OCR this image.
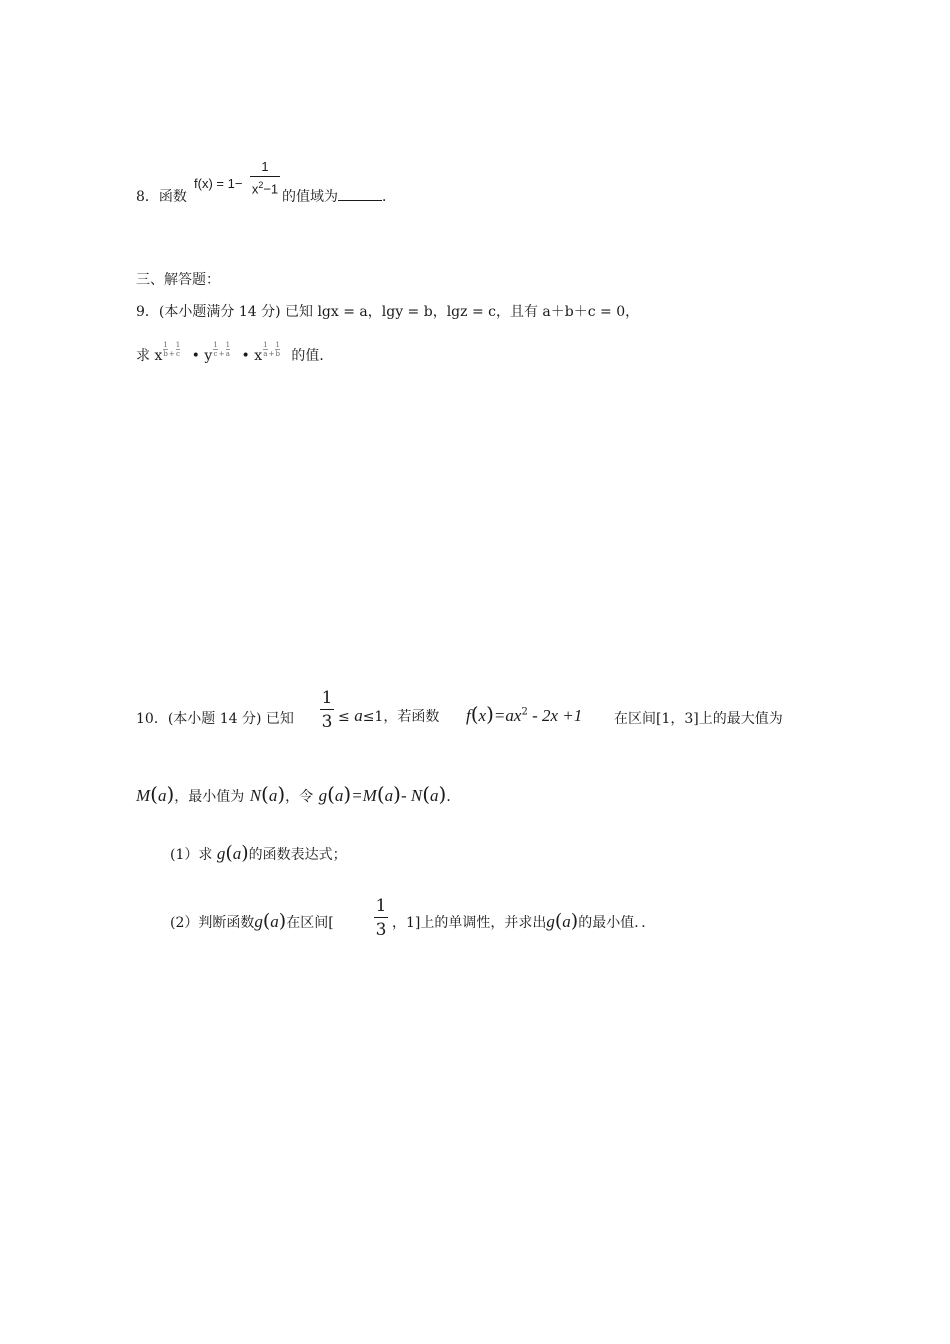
8．函数
f(x) = 1−
1
$x^2-1$
的值域为	．
三、解答题：
9．(本小题满分 14 分) 已知 lgx = a，lgy = b，lgz = c，且有 a＋b＋c = 0，
求 x $\frac{1}{b} ^+ \frac{1}{c}$ • y $\frac{1}{c} ^+ \frac{1}{a}$ • x $\frac{1}{a} ^+ \frac{1}{b}$ 的值．
10．(本小题 14 分) 已知
1
3 ≤ a≤1，若函数 $f(x)=ax^2 - 2x +1$ 在区间[1，3]上的最大值为
M(a)，最小值为 N(a)，令 g(a)=M(a)- N(a)．
(1）求 g(a)的函数表达式；
(2）判断函数g(a)在区间[
1
3 ，1]上的单调性，并求出g(a)的最小值．．
